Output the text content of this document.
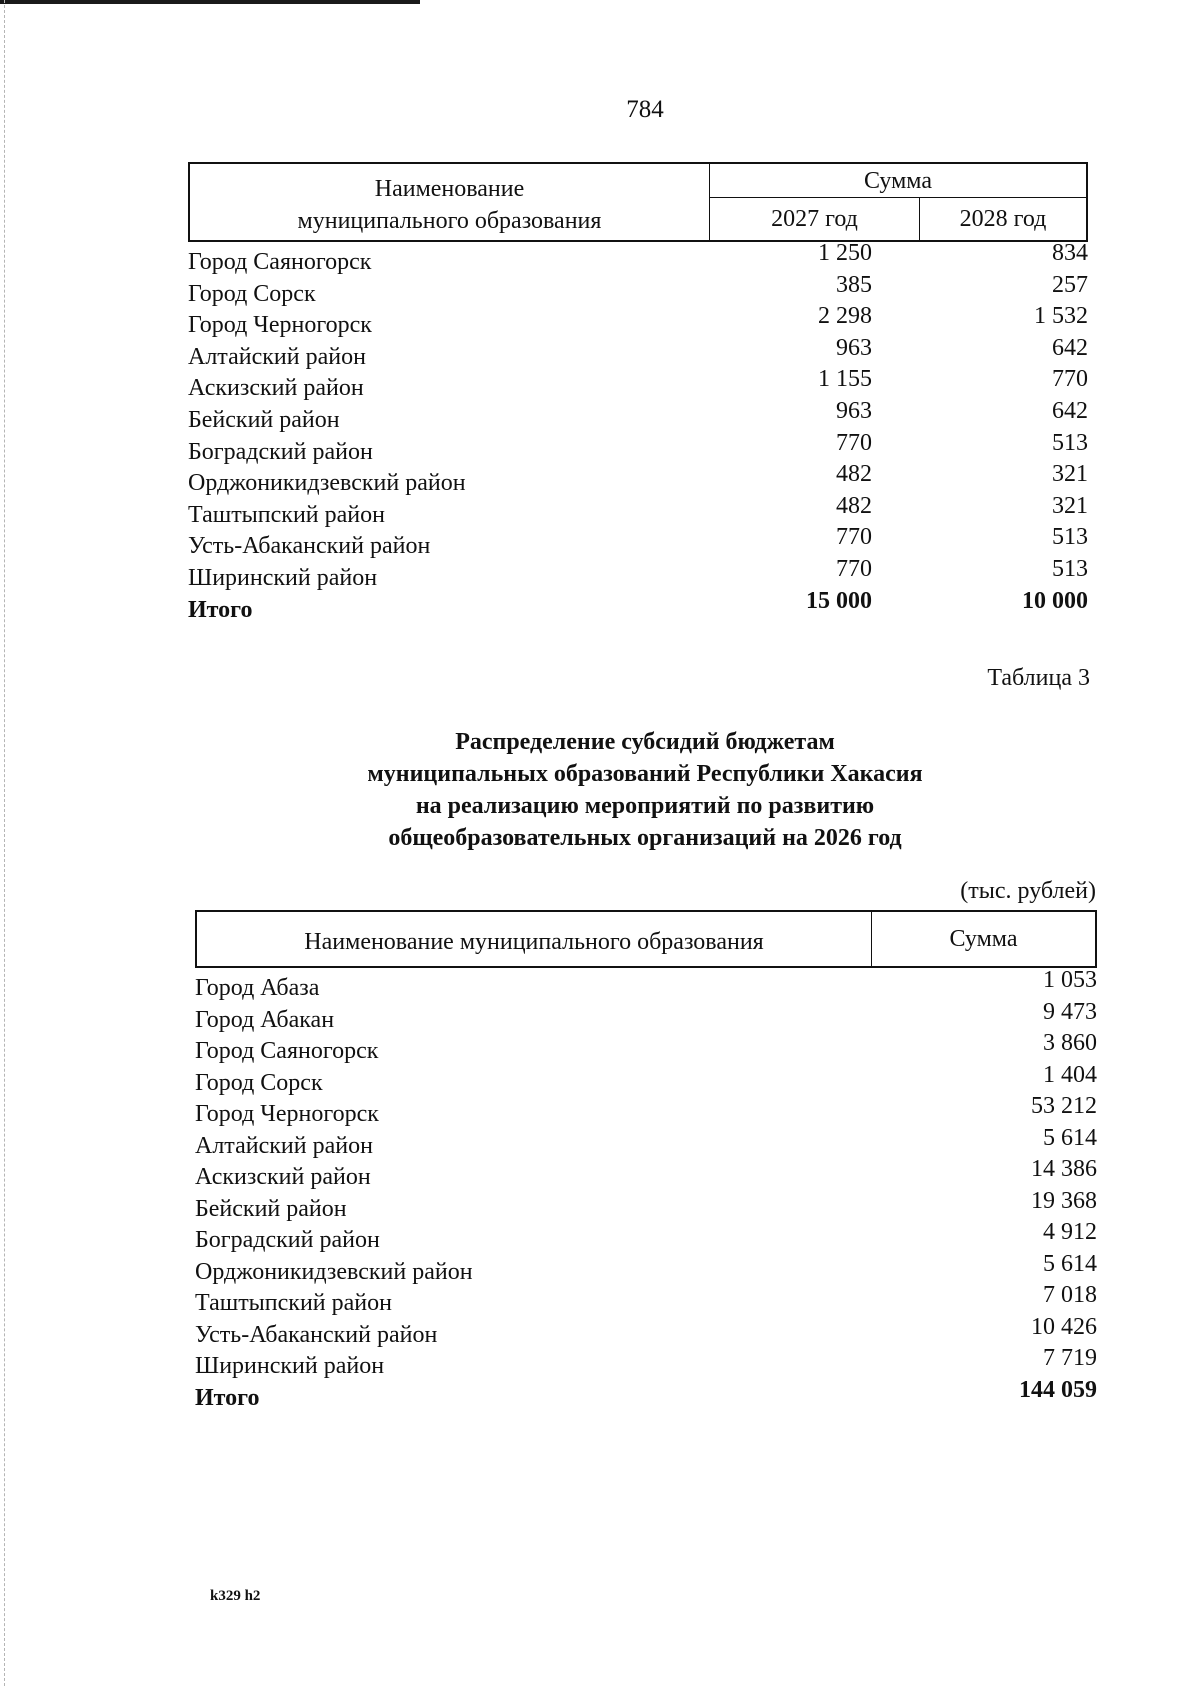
784
Наименование
муниципального образования
Сумма
2027 год	2028 год
Город Саяногорск	1 250	834
Город Сорск	385	257
Город Черногорск	2 298	1 532
Алтайский район	963	642
Аскизский район	1 155	770
Бейский район	963	642
Боградский район	770	513
Орджоникидзевский район	482	321
Таштыпский район	482	321
Усть-Абаканский район	770	513
Ширинский район	770	513
Итого	15 000	10 000
Таблица 3
Распределение субсидий бюджетам
муниципальных образований Республики Хакасия
на реализацию мероприятий по развитию
общеобразовательных организаций на 2026 год
(тыс. рублей)
Наименование муниципального образования	Сумма
Город Абаза	1 053
Город Абакан	9 473
Город Саяногорск	3 860
Город Сорск	1 404
Город Черногорск	53 212
Алтайский район	5 614
Аскизский район	14 386
Бейский район	19 368
Боградский район	4 912
Орджоникидзевский район	5 614
Таштыпский район	7 018
Усть-Абаканский район	10 426
Ширинский район	7 719
Итого	144 059
k329 h2
